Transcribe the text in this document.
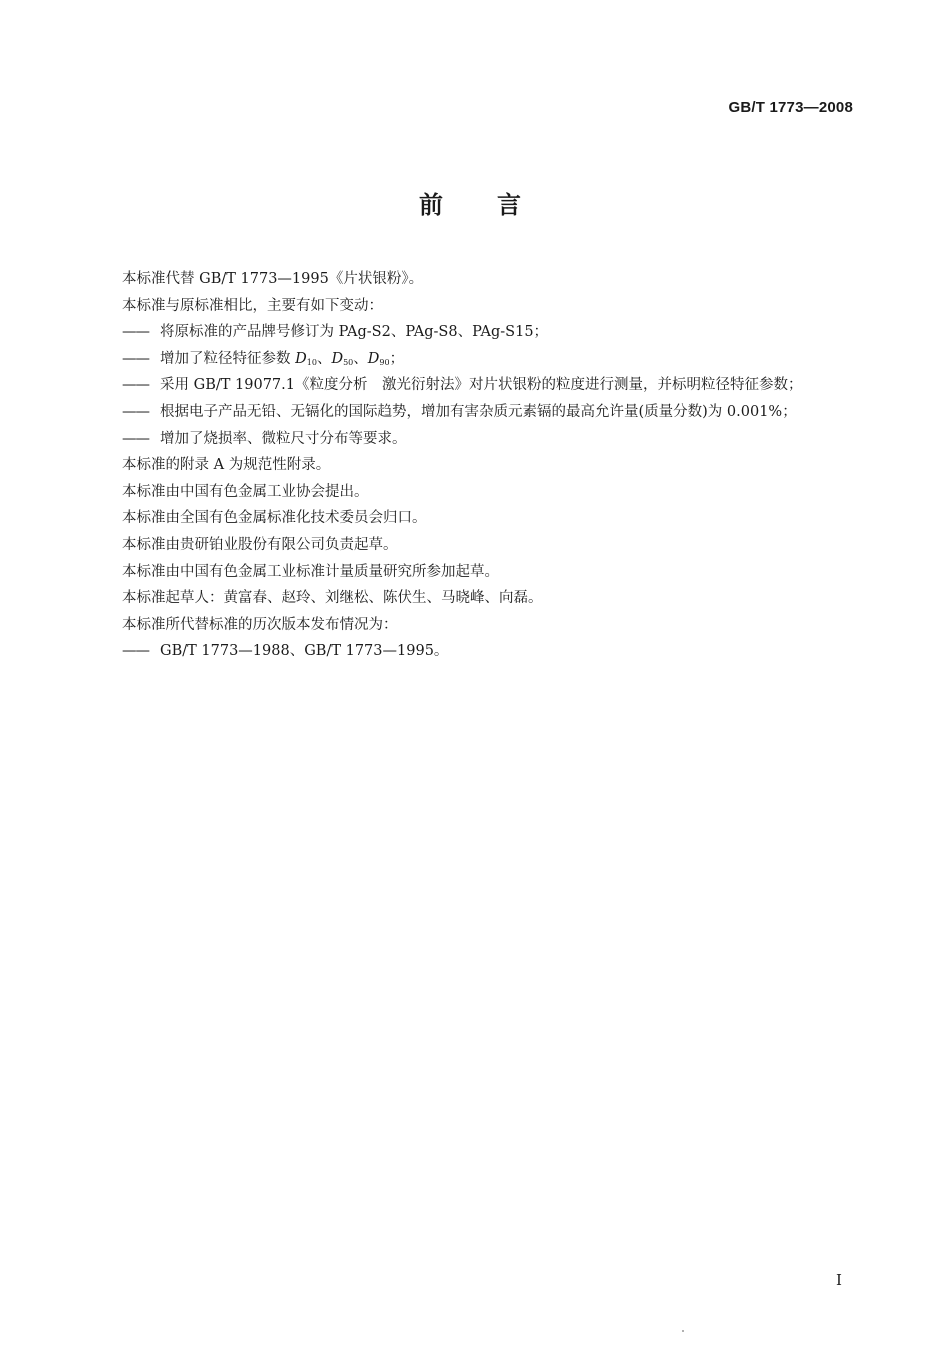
GB/T 1773—2008
前言
本标准代替 GB/T 1773—1995《片状银粉》。
本标准与原标准相比，主要有如下变动：
——将原标准的产品牌号修订为 PAg-S2、PAg-S8、PAg-S15；
——增加了粒径特征参数 $D_{10}$、$D_{50}$、$D_{90}$；
——采用 GB/T 19077.1《粒度分析　激光衍射法》对片状银粉的粒度进行测量，并标明粒径特征参数；
——根据电子产品无铅、无镉化的国际趋势，增加有害杂质元素镉的最高允许量(质量分数)为 0.001%；
——增加了烧损率、微粒尺寸分布等要求。
本标准的附录 A 为规范性附录。
本标准由中国有色金属工业协会提出。
本标准由全国有色金属标准化技术委员会归口。
本标准由贵研铂业股份有限公司负责起草。
本标准由中国有色金属工业标准计量质量研究所参加起草。
本标准起草人：黄富春、赵玲、刘继松、陈伏生、马晓峰、向磊。
本标准所代替标准的历次版本发布情况为：
——GB/T 1773—1988、GB/T 1773—1995。
I
